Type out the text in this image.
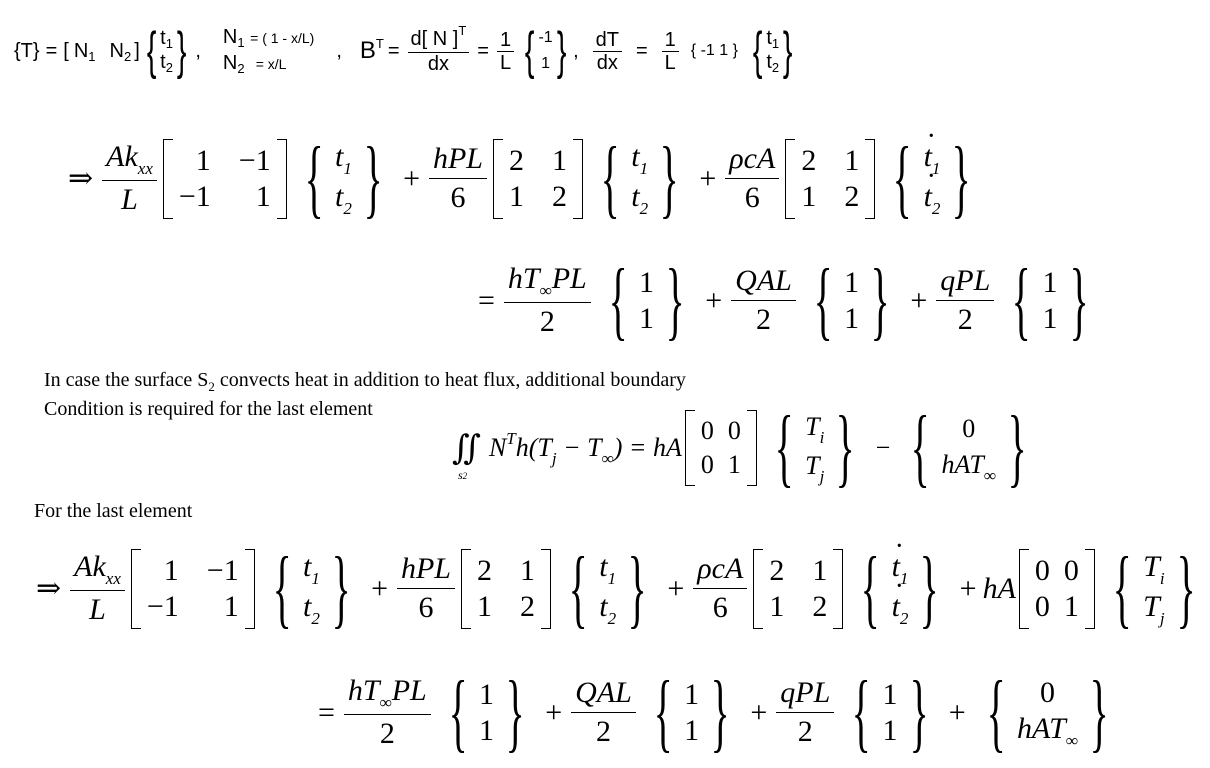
{T} = [ $N_1$ $N_2$ ] { $t_1$
$t_2$ } ,
$N_1$ = ( 1 - x/L)
$N_2 = x/L$
, $B^T = \frac{d[ N ]^T}{dx} = \frac{1}{L}$ { -1
1 } , $\frac{dT}{dx} = \frac{1}{L}$ { -1 1 } { $t_1$
$t_2$ }
⇒ $\frac{Ak_{xx}}{L}$	1 −1
−1	1 { $t_1$
$t_2$ } + $\frac{\text{hPL}}{6} 2$ 1
1 2 { $t_1$
$t_2$ } + $\frac{\text{ρcA}}{6} 2$ 1
1 2 { · $t_1$
· $t_2$ }
= $\frac{hT_\infty PL}{2}$ { 1
1 } + $\frac{\text{QAL}}{2}$ { 1
1 } + $\frac{\text{qPL}}{2}$ { 1
1 }
In case the surface $S_2$ convects heat in addition to heat flux, additional boundary
Condition is required for the last element
∬
s2
$N^T$ $h(T_j - T_\infty)$ = hA
0 0
0 1 { $T_i$
$T_j$ } − { 0
hAT$_\infty$ }
For the last element
⇒ $\frac{Ak_{xx}}{L}$	1 −1
−1	1 { $t_1$
$t_2$ } + $\frac{\text{hPL}}{6} 2$ 1
1 2 { $t_1$
$t_2$ } + $\frac{\text{ρcA}}{6} 2$ 1
1 2 { · $t_1$
· $t_2$ } + hA
0 0
0 1 { $T_i$
$T_j$ }
= $\frac{hT_\infty PL}{2}$ { 1
1 } + $\frac{\text{QAL}}{2}$ { 1
1 } + $\frac{\text{qPL}}{2}$ { 1
1 } + { 0
hAT$_\infty$ }
